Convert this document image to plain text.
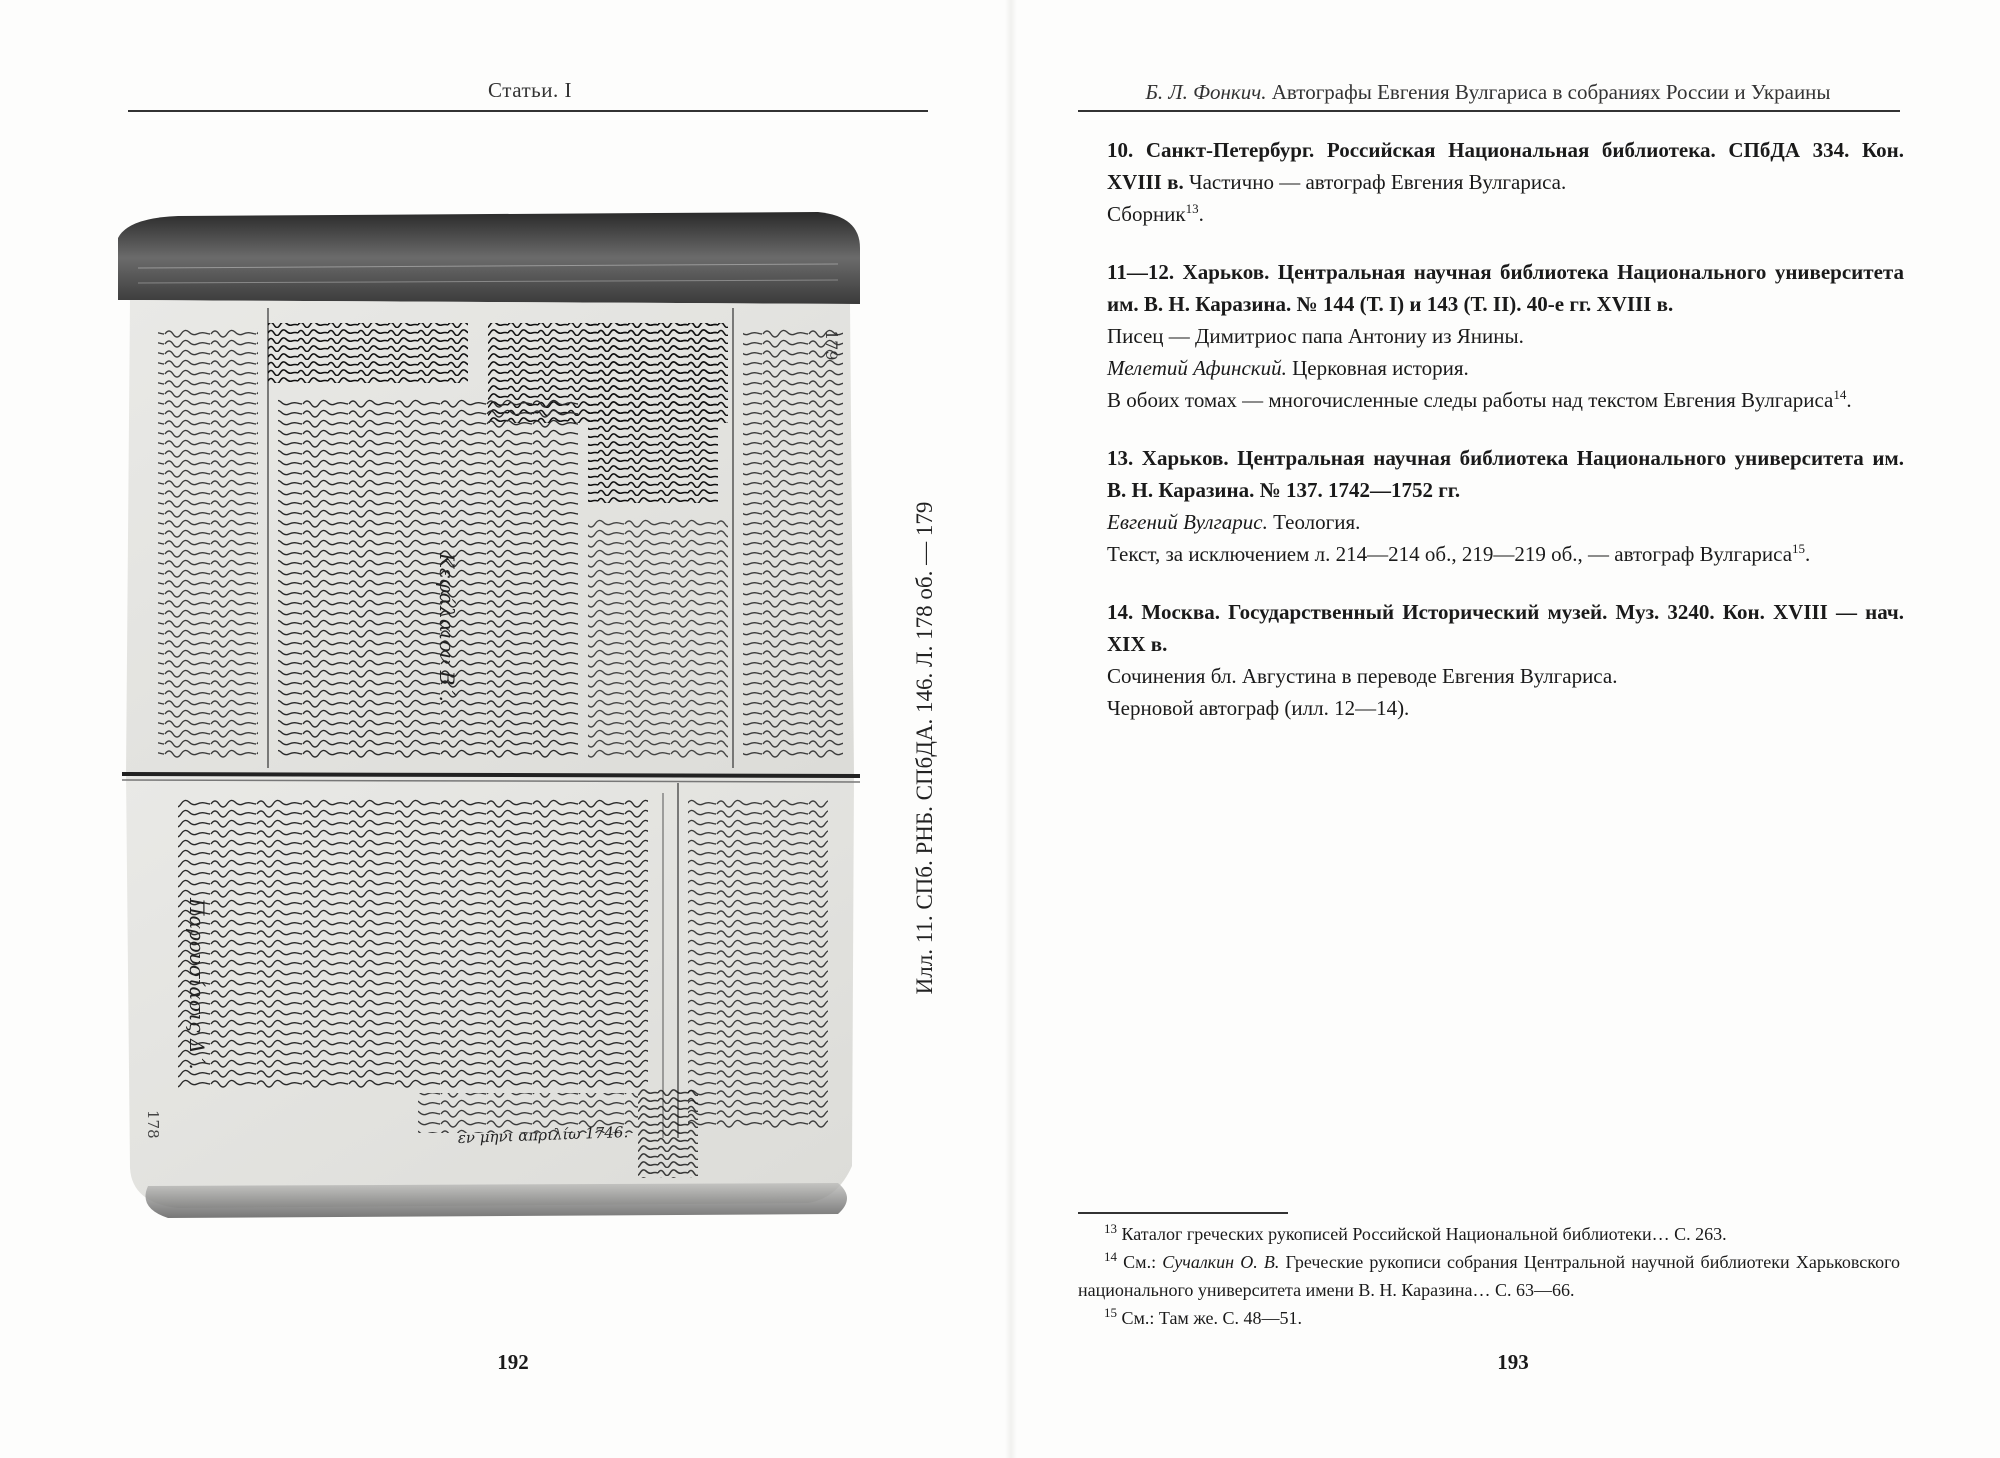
Статьи. I
179
Κεφάλαιον Β΄.
Παρουσίασις Δ΄.
178	εν μηνι απριλίω 1746.
Илл. 11. СПб. РНБ. СПбДА. 146. Л. 178 об. — 179
192
Б. Л. Фонкич. Автографы Евгения Вулгариса в собраниях России и Украины

10. Санкт-Петербург. Российская Национальная библиотека. СПбДА 334. Кон. XVIII в. Частично — автограф Евгения Вулгариса.

Сборник$^{13}$.

11—12. Харьков. Центральная научная библиотека Национального университета им. В. Н. Каразина. № 144 (Т. I) и 143 (Т. II). 40-е гг. XVIII в.

Писец — Димитриос папа Антониу из Янины.

Мелетий Афинский. Церковная история.

В обоих томах — многочисленные следы работы над текстом Евгения Вулгариса$^{14}$.

13. Харьков. Центральная научная библиотека Национального университета им. В. Н. Каразина. № 137. 1742—1752 гг.

Евгений Вулгарис. Теология.

Текст, за исключением л. 214—214 об., 219—219 об., — автограф Вулгариса$^{15}$.

14. Москва. Государственный Исторический музей. Муз. 3240. Кон. XVIII — нач. XIX в.

Сочинения бл. Августина в переводе Евгения Вулгариса.

Черновой автограф (илл. 12—14).

$^{13}$ Каталог греческих рукописей Российской Национальной библиотеки… С. 263.

$^{14}$ См.: Сучалкин О. В. Греческие рукописи собрания Центральной научной библиотеки Харьковского национального университета имени В. Н. Каразина… С. 63—66.

$^{15}$ См.: Там же. С. 48—51.

193
